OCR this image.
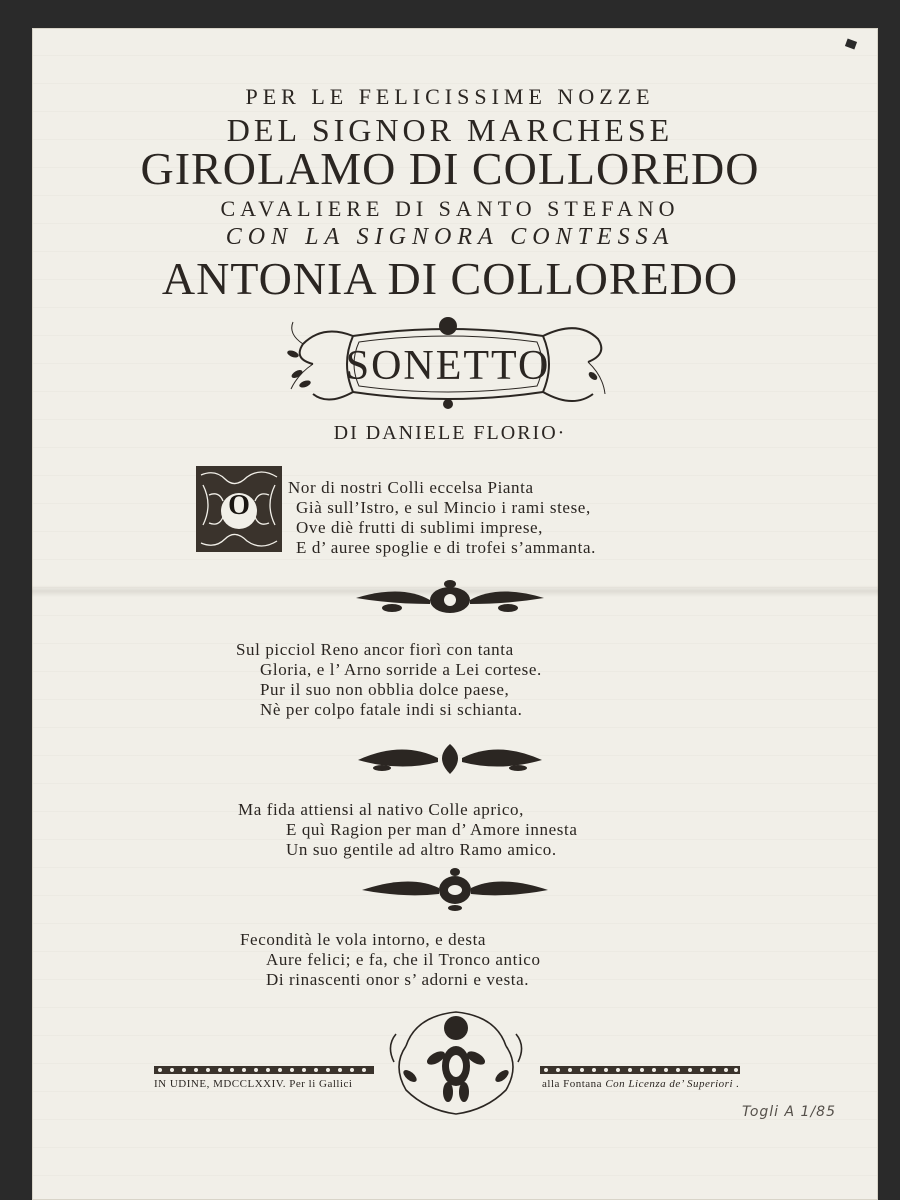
PER LE FELICISSIME NOZZE
DEL SIGNOR MARCHESE
GIROLAMO DI COLLOREDO
CAVALIERE DI SANTO STEFANO
CON LA SIGNORA CONTESSA
ANTONIA DI COLLOREDO
SONETTO
DI DANIELE FLORIO·
O
Nor di nostri Colli eccelsa Pianta
Già sull’Istro, e sul Mincio i rami stese,
Ove diè frutti di sublimi imprese,
E d’ auree spoglie e di trofei s’ammanta.
Sul picciol Reno ancor fiorì con tanta
Gloria, e l’ Arno sorride a Lei cortese.
Pur il suo non obblia dolce paese,
Nè per colpo fatale indi si schianta.
Ma fida attiensi al nativo Colle aprico,
E quì Ragion per man d’ Amore innesta
Un suo gentile ad altro Ramo amico.
Fecondità le vola intorno, e desta
Aure felici; e fa, che il Tronco antico
Di rinascenti onor s’ adorni e vesta.
IN UDINE, MDCCLXXIV. Per li Gallici	alla Fontana Con Licenza de’ Superiori .
Togli A 1/85
